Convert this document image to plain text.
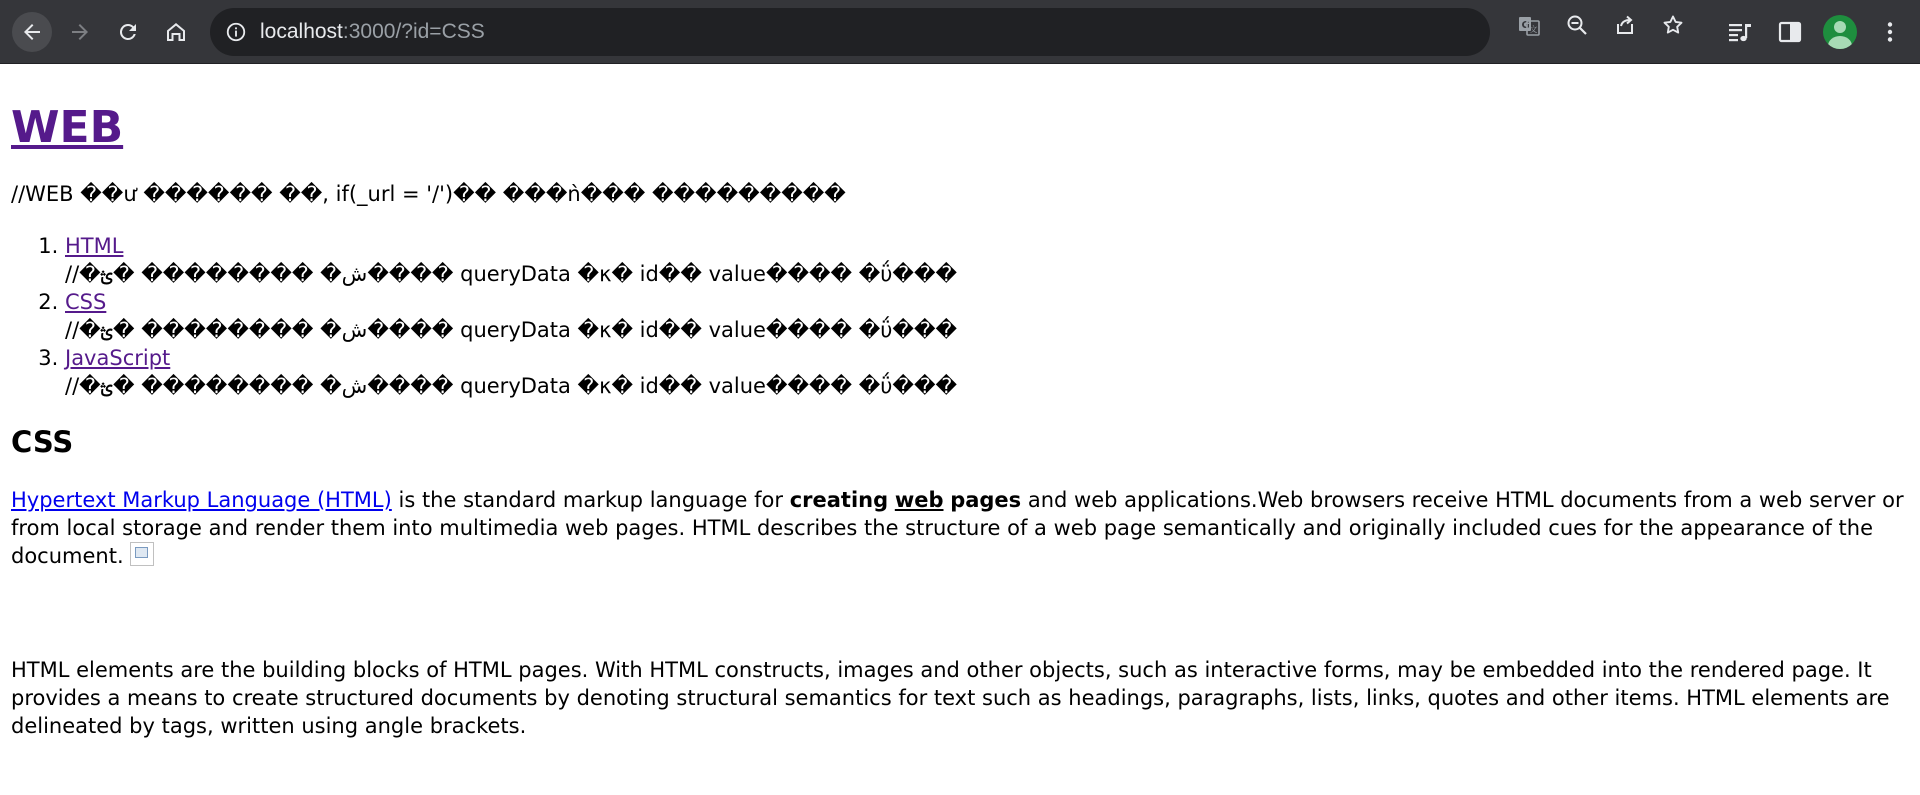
localhost:3000/?id=CSS	G 文
WEB

//WEB ��ư ������ ��, if(_url = '/')�� ���ǹ��� ���������

1. HTML
//�ش� �������� �ؿ���� queryData �κ� id�� value���� �ΰ���
2. CSS
//�ش� �������� �ؿ���� queryData �κ� id�� value���� �ΰ���
3. JavaScript
//�ش� �������� �ؿ���� queryData �κ� id�� value���� �ΰ���
CSS

Hypertext Markup Language (HTML) is the standard markup language for creating web pages and web applications.Web browsers receive HTML documents from a web server or from local storage and render them into multimedia web pages. HTML describes the structure of a web page semantically and originally included cues for the appearance of the document.

HTML elements are the building blocks of HTML pages. With HTML constructs, images and other objects, such as interactive forms, may be embedded into the rendered page. It provides a means to create structured documents by denoting structural semantics for text such as headings, paragraphs, lists, links, quotes and other items. HTML elements are delineated by tags, written using angle brackets.
